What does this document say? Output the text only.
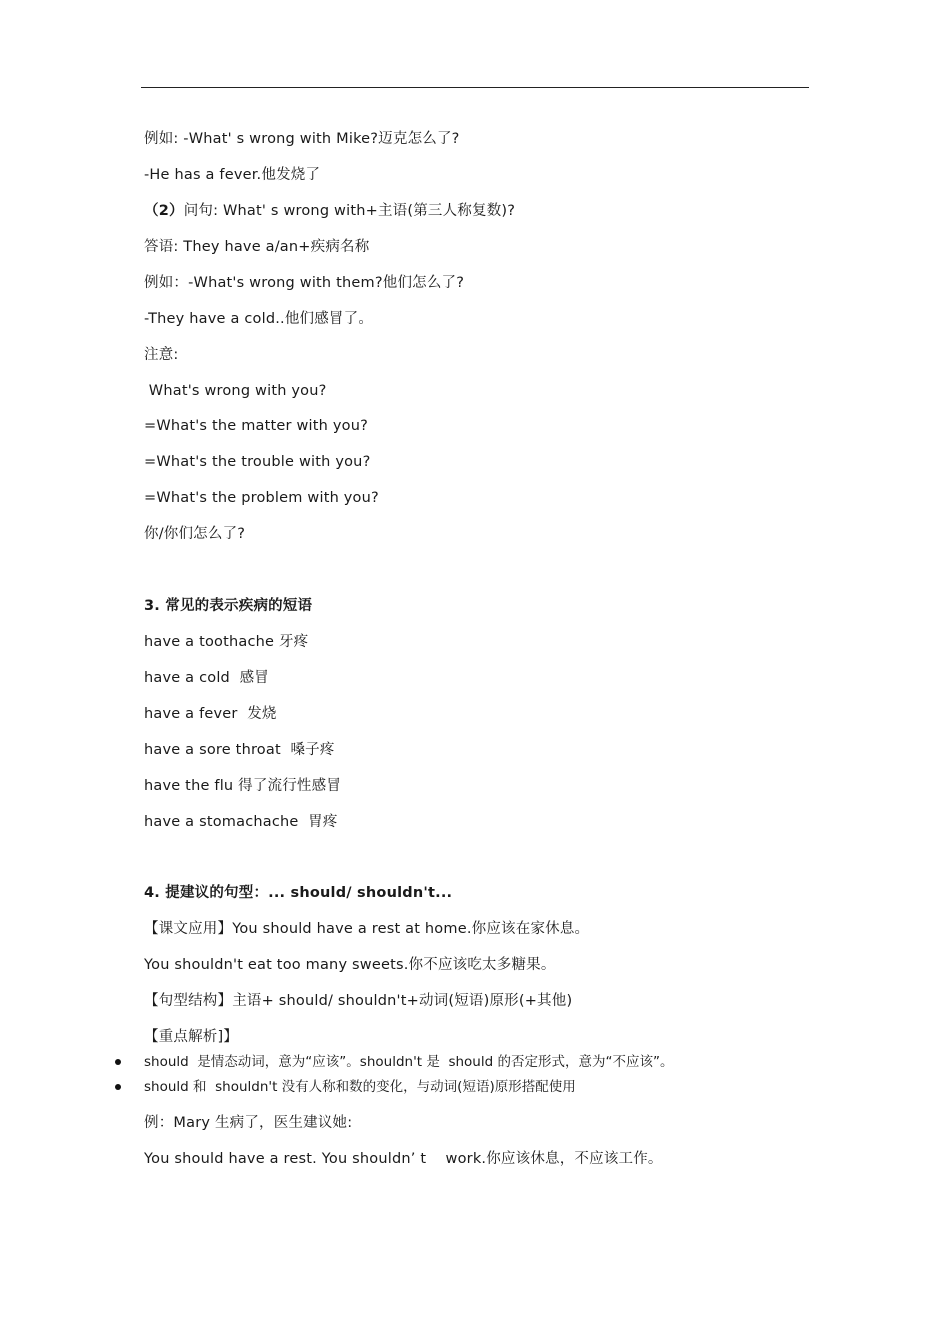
例如: -What' s wrong with Mike?迈克怎么了?
-He has a fever.他发烧了
（2）问句: What' s wrong with+主语(第三人称复数)?
答语: They have a/an+疾病名称
例如：-What's wrong with them?他们怎么了?
-They have a cold..他们感冒了。
注意:
What's wrong with you?
=What's the matter with you?
=What's the trouble with you?
=What's the problem with you?
你/你们怎么了?
3. 常见的表示疾病的短语
have a toothache 牙疼
have a cold  感冒
have a fever  发烧
have a sore throat  嗓子疼
have the flu 得了流行性感冒
have a stomachache  胃疼
4. 提建议的句型：... should/ shouldn't...
【课文应用】You should have a rest at home.你应该在家休息。
You shouldn't eat too many sweets.你不应该吃太多糖果。
【句型结构】主语+ should/ shouldn't+动词(短语)原形(+其他)
【重点解析]】
should  是情态动词，意为“应该”。shouldn't 是  should 的否定形式，意为“不应该”。
should 和  shouldn't 没有人称和数的变化，与动词(短语)原形搭配使用
例：Mary 生病了，医生建议她:
You should have a rest. You shouldn’ t    work.你应该休息，不应该工作。
